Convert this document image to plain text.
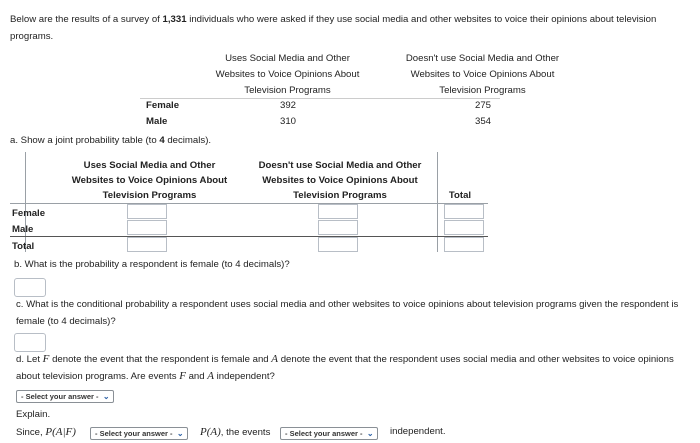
Below are the results of a survey of 1,331 individuals who were asked if they use social media and other websites to voice their opinions about television programs.
Uses Social Media and Other
Websites to Voice Opinions About
Television Programs
Doesn't use Social Media and Other
Websites to Voice Opinions About
Television Programs
Female	392	275
Male	310	354
a. Show a joint probability table (to 4 decimals).
Uses Social Media and Other
Websites to Voice Opinions About
Television Programs
Doesn't use Social Media and Other
Websites to Voice Opinions About
Television Programs	Total
Female
Male
Total
b. What is the probability a respondent is female (to 4 decimals)?
c. What is the conditional probability a respondent uses social media and other websites to voice opinions about television programs given the respondent is
female (to 4 decimals)?
d. Let F denote the event that the respondent is female and A denote the event that the respondent uses social media and other websites to voice opinions
about television programs. Are events F and A independent?
- Select your answer - ⌄
Explain.
Since, P(A|F)	- Select your answer - ⌄ P(A), the events	- Select your answer - ⌄ independent.
